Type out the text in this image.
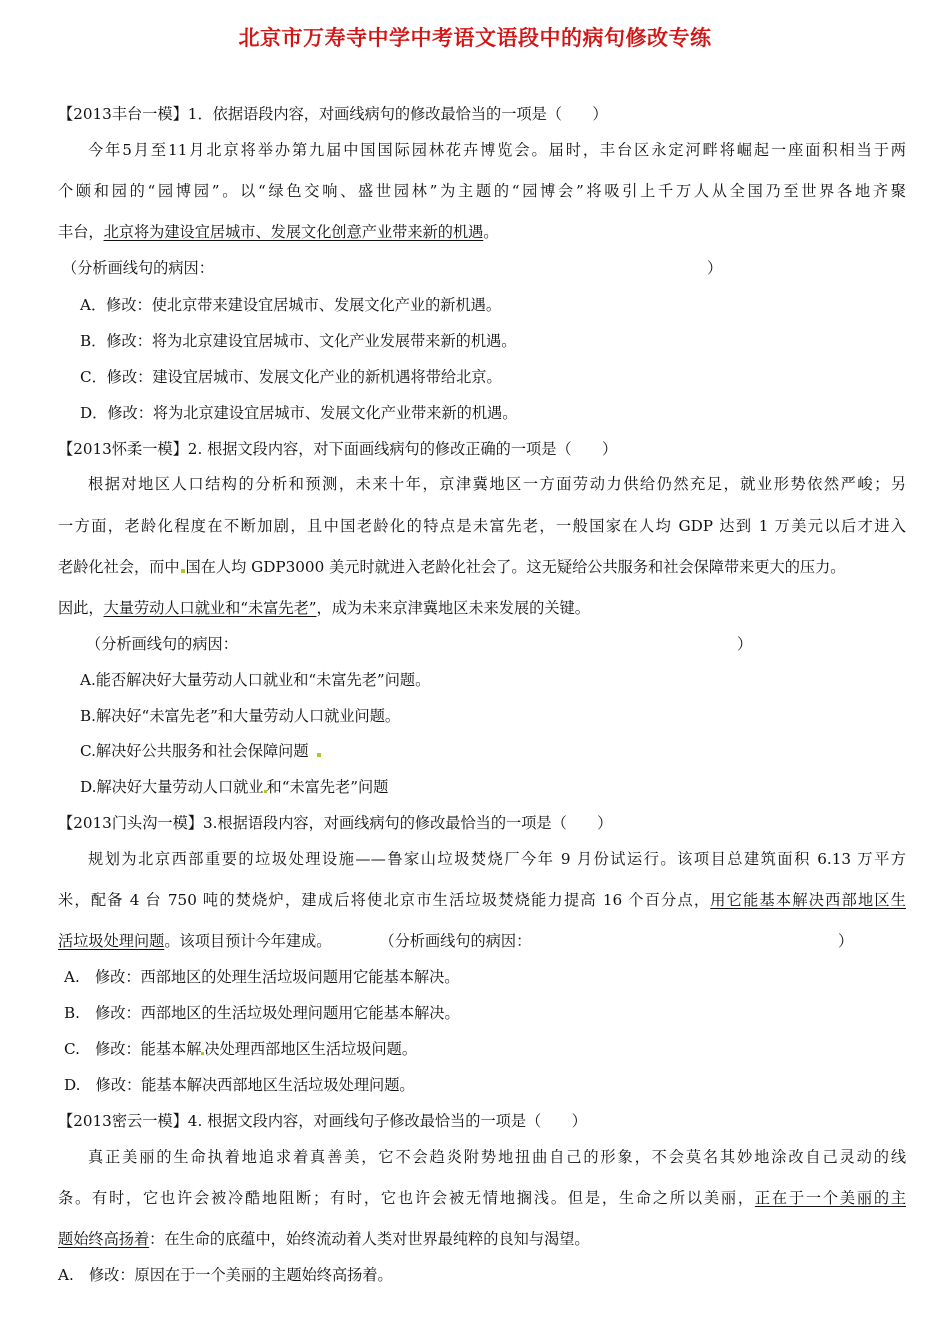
北京市万寿寺中学中考语文语段中的病句修改专练
【2013丰台一模】1．依据语段内容，对画线病句的修改最恰当的一项是（　　）
今年5月至11月北京将举办第九届中国国际园林花卉博览会。届时，丰台区永定河畔将崛起一座面积相当于两
个颐和园的“园博园”。以“绿色交响、盛世园林”为主题的“园博会”将吸引上千万人从全国乃至世界各地齐聚
丰台，北京将为建设宜居城市、发展文化创意产业带来新的机遇。
（分析画线句的病因：	）
A．修改：使北京带来建设宜居城市、发展文化产业的新机遇。
B．修改：将为北京建设宜居城市、文化产业发展带来新的机遇。
C．修改：建设宜居城市、发展文化产业的新机遇将带给北京。
D．修改：将为北京建设宜居城市、发展文化产业带来新的机遇。
【2013怀柔一模】2. 根据文段内容，对下面画线病句的修改正确的一项是（　　）
根据对地区人口结构的分析和预测，未来十年，京津冀地区一方面劳动力供给仍然充足，就业形势依然严峻；另
一方面，老龄化程度在不断加剧，且中国老龄化的特点是未富先老，一般国家在人均 GDP 达到 1 万美元以后才进入
老龄化社会，而中 国在人均 GDP3000 美元时就进入老龄化社会了。这无疑给公共服务和社会保障带来更大的压力。
因此，大量劳动人口就业和“未富先老”，成为未来京津冀地区未来发展的关键。
（分析画线句的病因：	）
A.能否解决好大量劳动人口就业和“未富先老”问题。
B.解决好“未富先老”和大量劳动人口就业问题。
C.解决好公共服务和社会保障问题
D.解决好大量劳动人口就业 和“未富先老”问题
【2013门头沟一模】3.根据语段内容，对画线病句的修改最恰当的一项是（　　）
规划为北京西部重要的垃圾处理设施——鲁家山垃圾焚烧厂今年 9 月份试运行。该项目总建筑面积 6.13 万平方
米，配备 4 台 750 吨的焚烧炉，建成后将使北京市生活垃圾焚烧能力提高 16 个百分点，用它能基本解决西部地区生
活垃圾处理问题。该项目预计今年建成。	（分析画线句的病因：	）
A.　修改：西部地区的处理生活垃圾问题用它能基本解决。
B.　修改：西部地区的生活垃圾处理问题用它能基本解决。
C.　修改：能基本解 决处理西部地区生活垃圾问题。
D.　修改：能基本解决西部地区生活垃圾处理问题。
【2013密云一模】4. 根据文段内容，对画线句子修改最恰当的一项是（　　）
真正美丽的生命执着地追求着真善美，它不会趋炎附势地扭曲自己的形象，不会莫名其妙地涂改自己灵动的线
条。有时，它也许会被冷酷地阻断；有时，它也许会被无情地搁浅。但是，生命之所以美丽，正在于一个美丽的主
题始终高扬着：在生命的底蕴中，始终流动着人类对世界最纯粹的良知与渴望。
A.　修改：原因在于一个美丽的主题始终高扬着。
